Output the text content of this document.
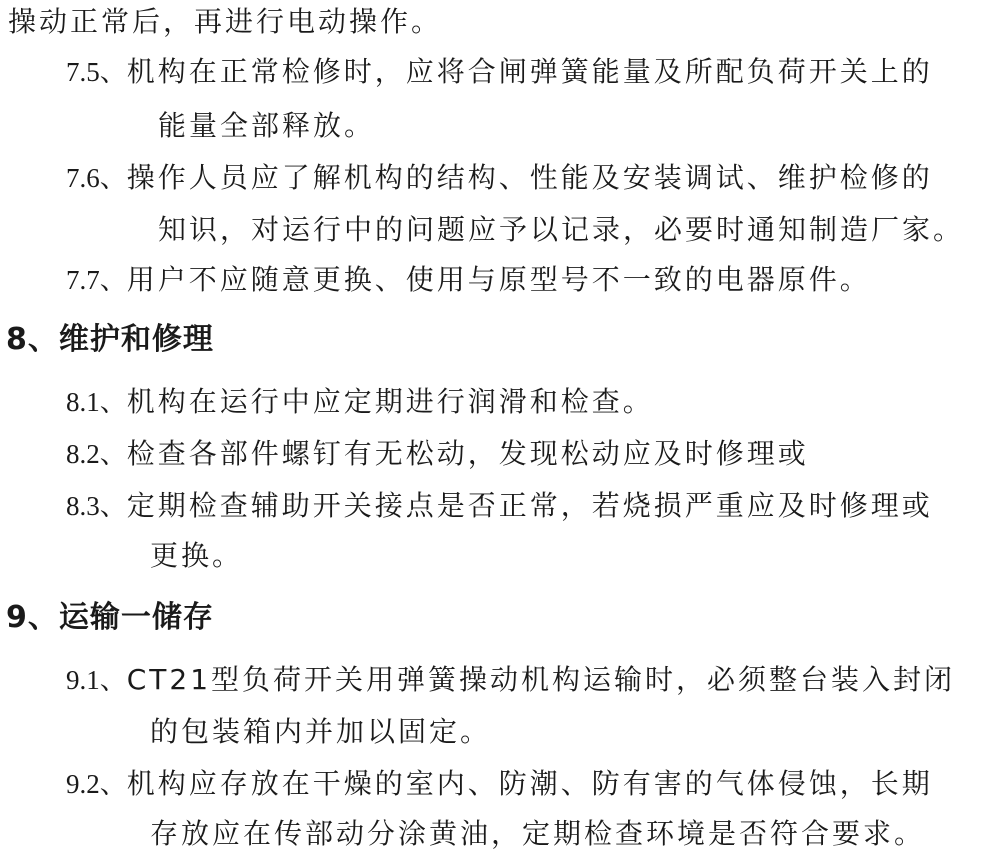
操动正常后，再进行电动操作。
7.5、机构在正常检修时，应将合闸弹簧能量及所配负荷开关上的
能量全部释放。
7.6、操作人员应了解机构的结构、性能及安装调试、维护检修的
知识，对运行中的问题应予以记录，必要时通知制造厂家。
7.7、用户不应随意更换、使用与原型号不一致的电器原件。
8、维护和修理
8.1、机构在运行中应定期进行润滑和检查。
8.2、检查各部件螺钉有无松动，发现松动应及时修理或
8.3、定期检查辅助开关接点是否正常，若烧损严重应及时修理或
更换。
9、运输一储存
9.1、CT21型负荷开关用弹簧操动机构运输时，必须整台装入封闭
的包装箱内并加以固定。
9.2、机构应存放在干燥的室内、防潮、防有害的气体侵蚀，长期
存放应在传部动分涂黄油，定期检查环境是否符合要求。
